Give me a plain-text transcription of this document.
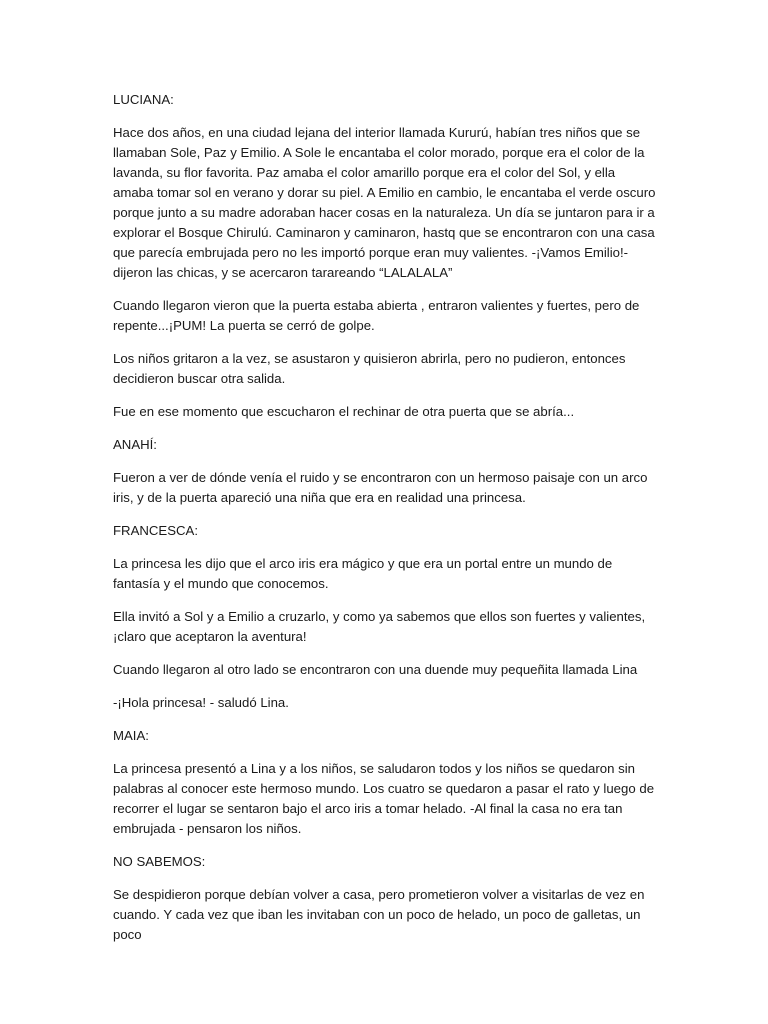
LUCIANA:

Hace dos años, en una ciudad lejana del interior llamada Kururú, habían tres niños que se llamaban Sole, Paz y Emilio. A Sole le encantaba el color morado, porque era el color de la lavanda, su flor favorita. Paz amaba el color amarillo porque era el color del Sol, y ella amaba tomar sol en verano y dorar su piel. A Emilio en cambio, le encantaba el verde oscuro porque junto a su madre adoraban hacer cosas en la naturaleza. Un día se juntaron para ir a explorar el Bosque Chirulú. Caminaron y caminaron, hastq que se encontraron con una casa que parecía embrujada pero no les importó porque eran muy valientes. -¡Vamos Emilio!- dijeron las chicas, y se acercaron tarareando “LALALALA”

Cuando llegaron vieron que la puerta estaba abierta , entraron valientes y fuertes, pero de repente...¡PUM! La puerta se cerró de golpe.

Los niños gritaron a la vez, se asustaron y quisieron abrirla, pero no pudieron, entonces decidieron buscar otra salida.

Fue en ese momento que escucharon el rechinar de otra puerta que se abría...

ANAHÍ:

Fueron a ver de dónde venía el ruido y se encontraron con un hermoso paisaje con un arco iris, y de la puerta apareció una niña que era en realidad una princesa.

FRANCESCA:

La princesa les dijo que el arco iris era mágico y que era un portal entre un mundo de fantasía y el mundo que conocemos.

Ella invitó a Sol y a Emilio a cruzarlo, y como ya sabemos que ellos son fuertes y valientes, ¡claro que aceptaron la aventura!

Cuando llegaron al otro lado se encontraron con una duende muy pequeñita llamada Lina

-¡Hola princesa! - saludó Lina.

MAIA:

La princesa presentó a Lina y a los niños, se saludaron todos y los niños se quedaron sin palabras al conocer este hermoso mundo. Los cuatro se quedaron a pasar el rato y luego de recorrer el lugar se sentaron bajo el arco iris a tomar helado. -Al final la casa no era tan embrujada - pensaron los niños.

NO SABEMOS:

Se despidieron porque debían volver a casa, pero prometieron volver a visitarlas de vez en cuando. Y cada vez que iban les invitaban con un poco de helado, un poco de galletas, un poco
